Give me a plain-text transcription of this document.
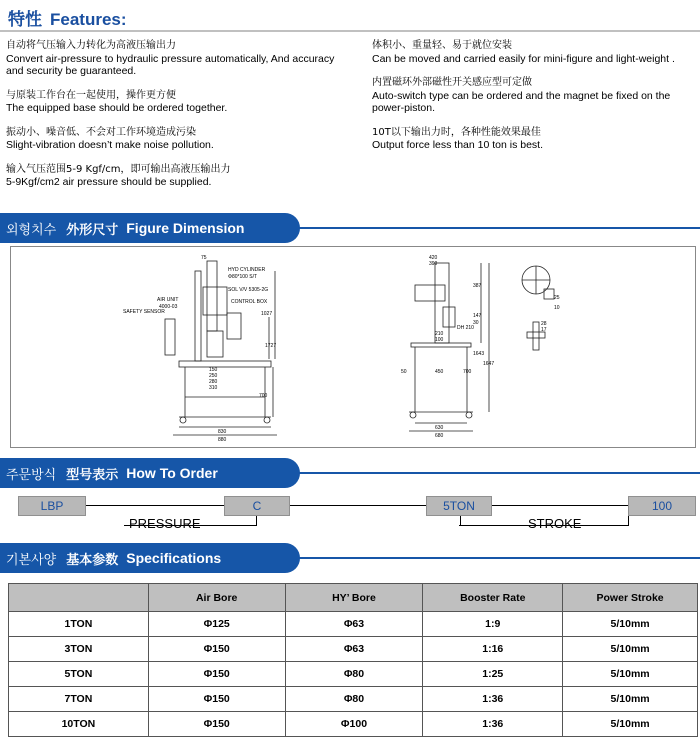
特性 Features:
自动将气压输入力转化为高液压输出力
Convert air-pressure to hydraulic pressure automatically, And accuracy and security be guaranteed.
与原装工作台在一起使用，操作更方便
The equipped base should be ordered together.
振动小、噪音低、不会对工作环境造成污染
Slight-vibration doesn’t make noise pollution.
输入气压范围5-9 Kgf/cm，即可输出高液压输出力
5-9Kgf/cm2 air pressure should be supplied.
体积小、重量轻、易于就位安装
Can be moved and carried easily for mini-figure and light-weight .
内置磁环外部磁性开关感应型可定做
Auto-switch type can be ordered and the magnet be fixed on the power-piston.
10T以下输出力时，各种性能效果最佳
Output force less than 10 ton is best.
외형치수 外形尺寸 Figure Dimension
HYD CYLINDER
Φ80*100 S/T
SOL V/V 5305-2G
CONTROL BOX
AIR UNIT
4000-03
SAFETY SENSOR
75
1027
1727
150
250
280
310
700
830
880
420
390
387
147
30
DH 210
1643
1647
210
100
50	450	700
630
680
28
17
25
10
주문방식 型号表示 How To Order
LBP	C	5TON	100
PRESSURE	STROKE
기본사양 基本参数 Specifications
	Air Bore	HY’ Bore	Booster Rate	Power Stroke
1TON	Φ125	Φ63	1:9	5/10mm
3TON	Φ150	Φ63	1:16	5/10mm
5TON	Φ150	Φ80	1:25	5/10mm
7TON	Φ150	Φ80	1:36	5/10mm
10TON	Φ150	Φ100	1:36	5/10mm
